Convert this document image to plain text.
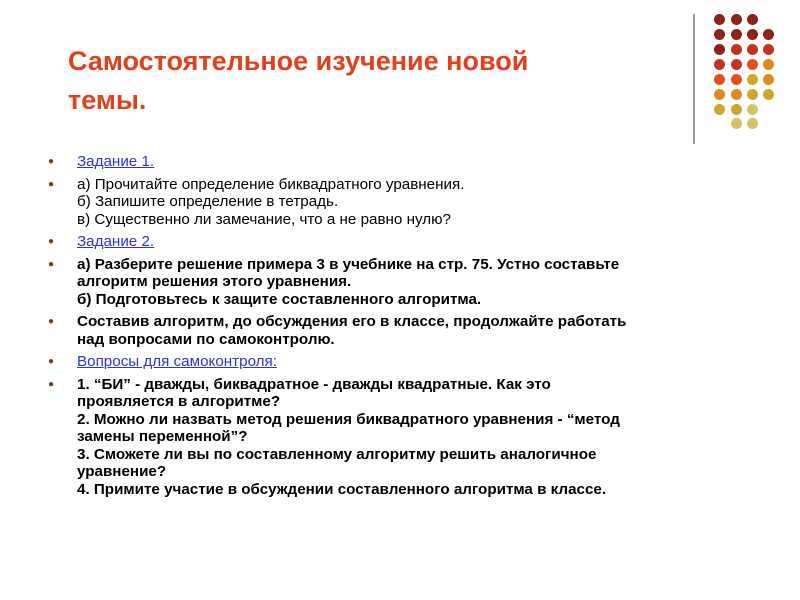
Самостоятельное изучение новой
темы.
●	Задание 1.
●	а) Прочитайте определение биквадратного уравнения.
б) Запишите определение в тетрадь.
в) Существенно ли замечание, что а не равно нулю?
●	Задание 2.
●	а) Разберите решение примера 3 в учебнике на стр. 75. Устно составьте
алгоритм решения этого уравнения.
б) Подготовьтесь к защите составленного алгоритма.
●	Составив алгоритм, до обсуждения его в классе, продолжайте работать
над вопросами по самоконтролю.
●	Вопросы для самоконтроля:
●	1. “БИ” - дважды, биквадратное - дважды квадратные. Как это
проявляется в алгоритме?
2. Можно ли назвать метод решения биквадратного уравнения - “метод
замены переменной”?
3. Сможете ли вы по составленному алгоритму решить аналогичное
уравнение?
4. Примите участие в обсуждении составленного алгоритма в классе.
